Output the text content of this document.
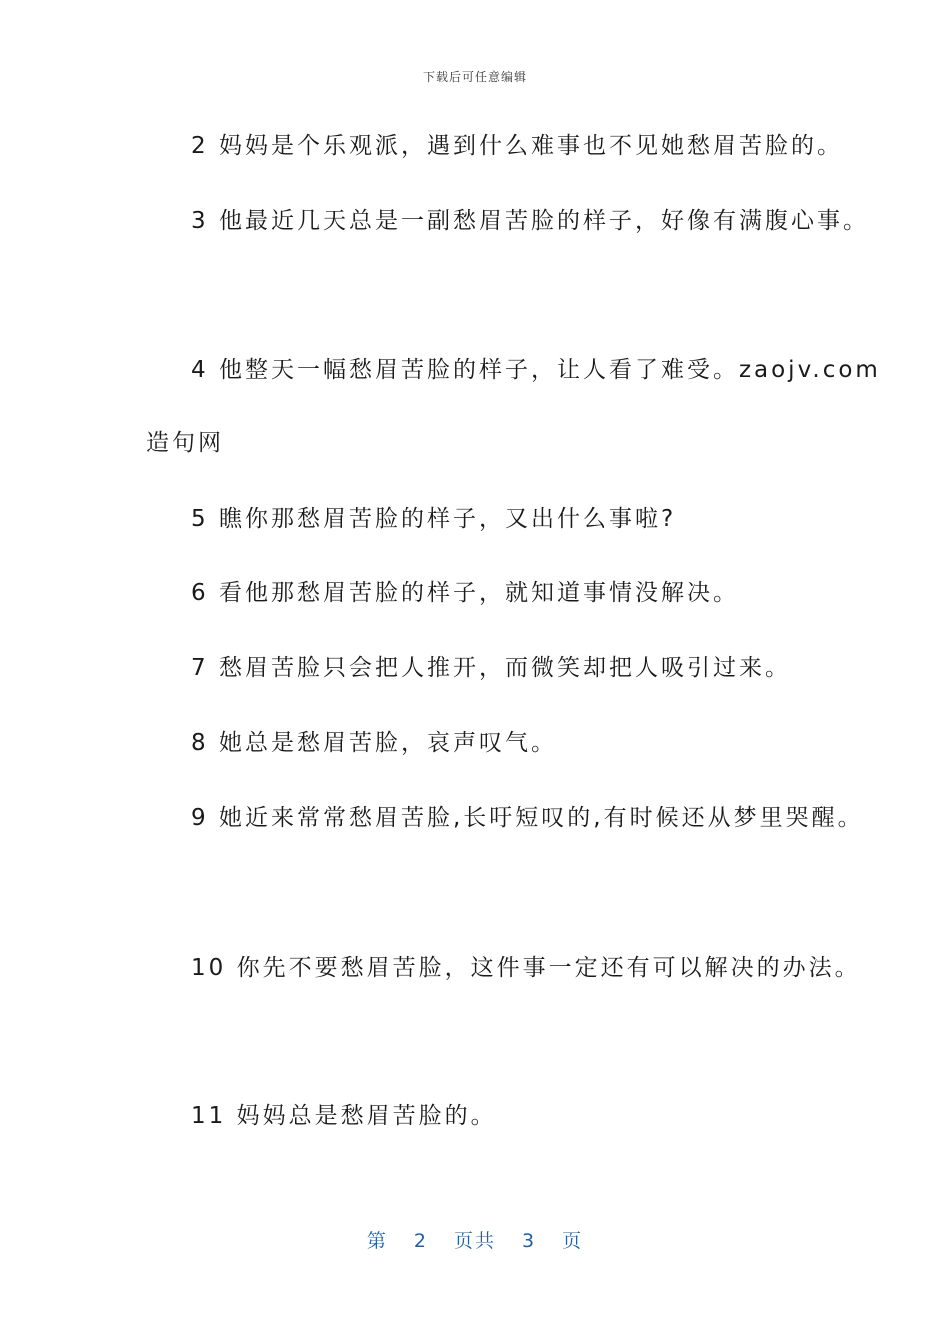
下载后可任意编辑
2 妈妈是个乐观派，遇到什么难事也不见她愁眉苦脸的。
3 他最近几天总是一副愁眉苦脸的样子，好像有满腹心事。
4 他整天一幅愁眉苦脸的样子，让人看了难受。zaojv.com
造句网
5 瞧你那愁眉苦脸的样子，又出什么事啦?
6 看他那愁眉苦脸的样子，就知道事情没解决。
7 愁眉苦脸只会把人推开，而微笑却把人吸引过来。
8 她总是愁眉苦脸，哀声叹气。
9 她近来常常愁眉苦脸,长吁短叹的,有时候还从梦里哭醒。
10 你先不要愁眉苦脸，这件事一定还有可以解决的办法。
11 妈妈总是愁眉苦脸的。
第 2 页共 3 页
